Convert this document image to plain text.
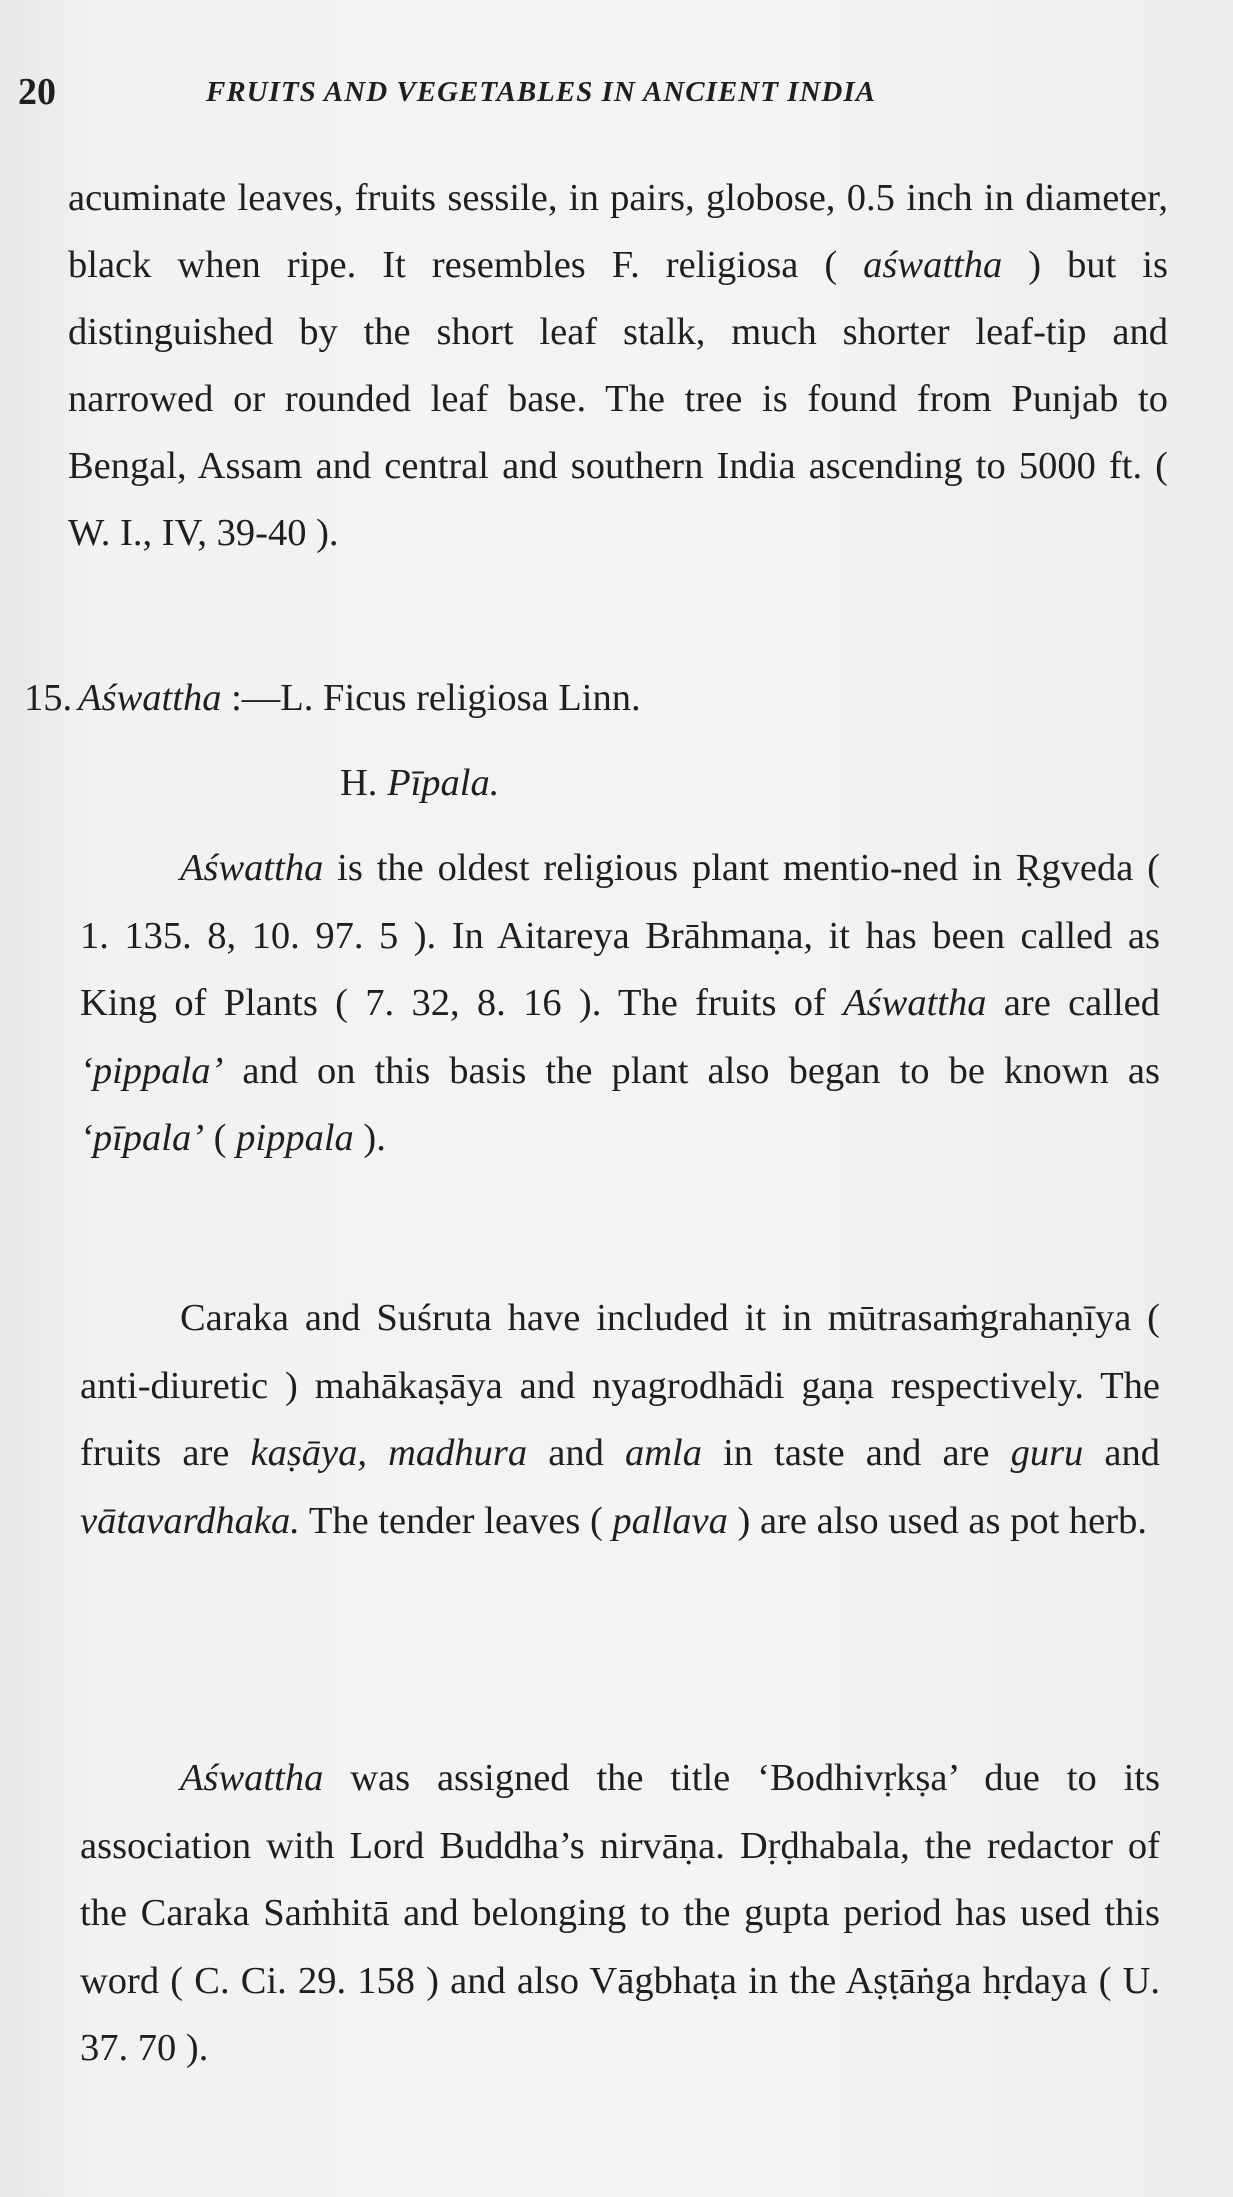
20	FRUITS AND VEGETABLES IN ANCIENT INDIA

acuminate leaves, fruits sessile, in pairs, globose, 0.5 inch in diameter, black when ripe. It resembles F. religiosa ( aśwattha ) but is distinguished by the short leaf stalk, much shorter leaf-tip and narrowed or rounded leaf base. The tree is found from Punjab to Bengal, Assam and central and southern India ascending to 5000 ft. ( W. I., IV, 39-40 ).

15. Aśwattha :—L. Ficus religiosa Linn.
H. Pīpala.

Aśwattha is the oldest religious plant mentio-ned in Ṛgveda ( 1. 135. 8, 10. 97. 5 ). In Aitareya Brāhmaṇa, it has been called as King of Plants ( 7. 32, 8. 16 ). The fruits of Aśwattha are called ‘pippala’ and on this basis the plant also began to be known as ‘pīpala’ ( pippala ).

Caraka and Suśruta have included it in mūtrasaṁgrahaṇīya ( anti-diuretic ) mahākaṣāya and nyagrodhādi gaṇa respectively. The fruits are kaṣāya, madhura and amla in taste and are guru and vātavardhaka. The tender leaves ( pallava ) are also used as pot herb.

Aśwattha was assigned the title ‘Bodhivṛkṣa’ due to its association with Lord Buddha’s nirvāṇa. Dṛḍhabala, the redactor of the Caraka Saṁhitā and belonging to the gupta period has used this word ( C. Ci. 29. 158 ) and also Vāgbhaṭa in the Aṣṭāṅga hṛdaya ( U. 37. 70 ).
